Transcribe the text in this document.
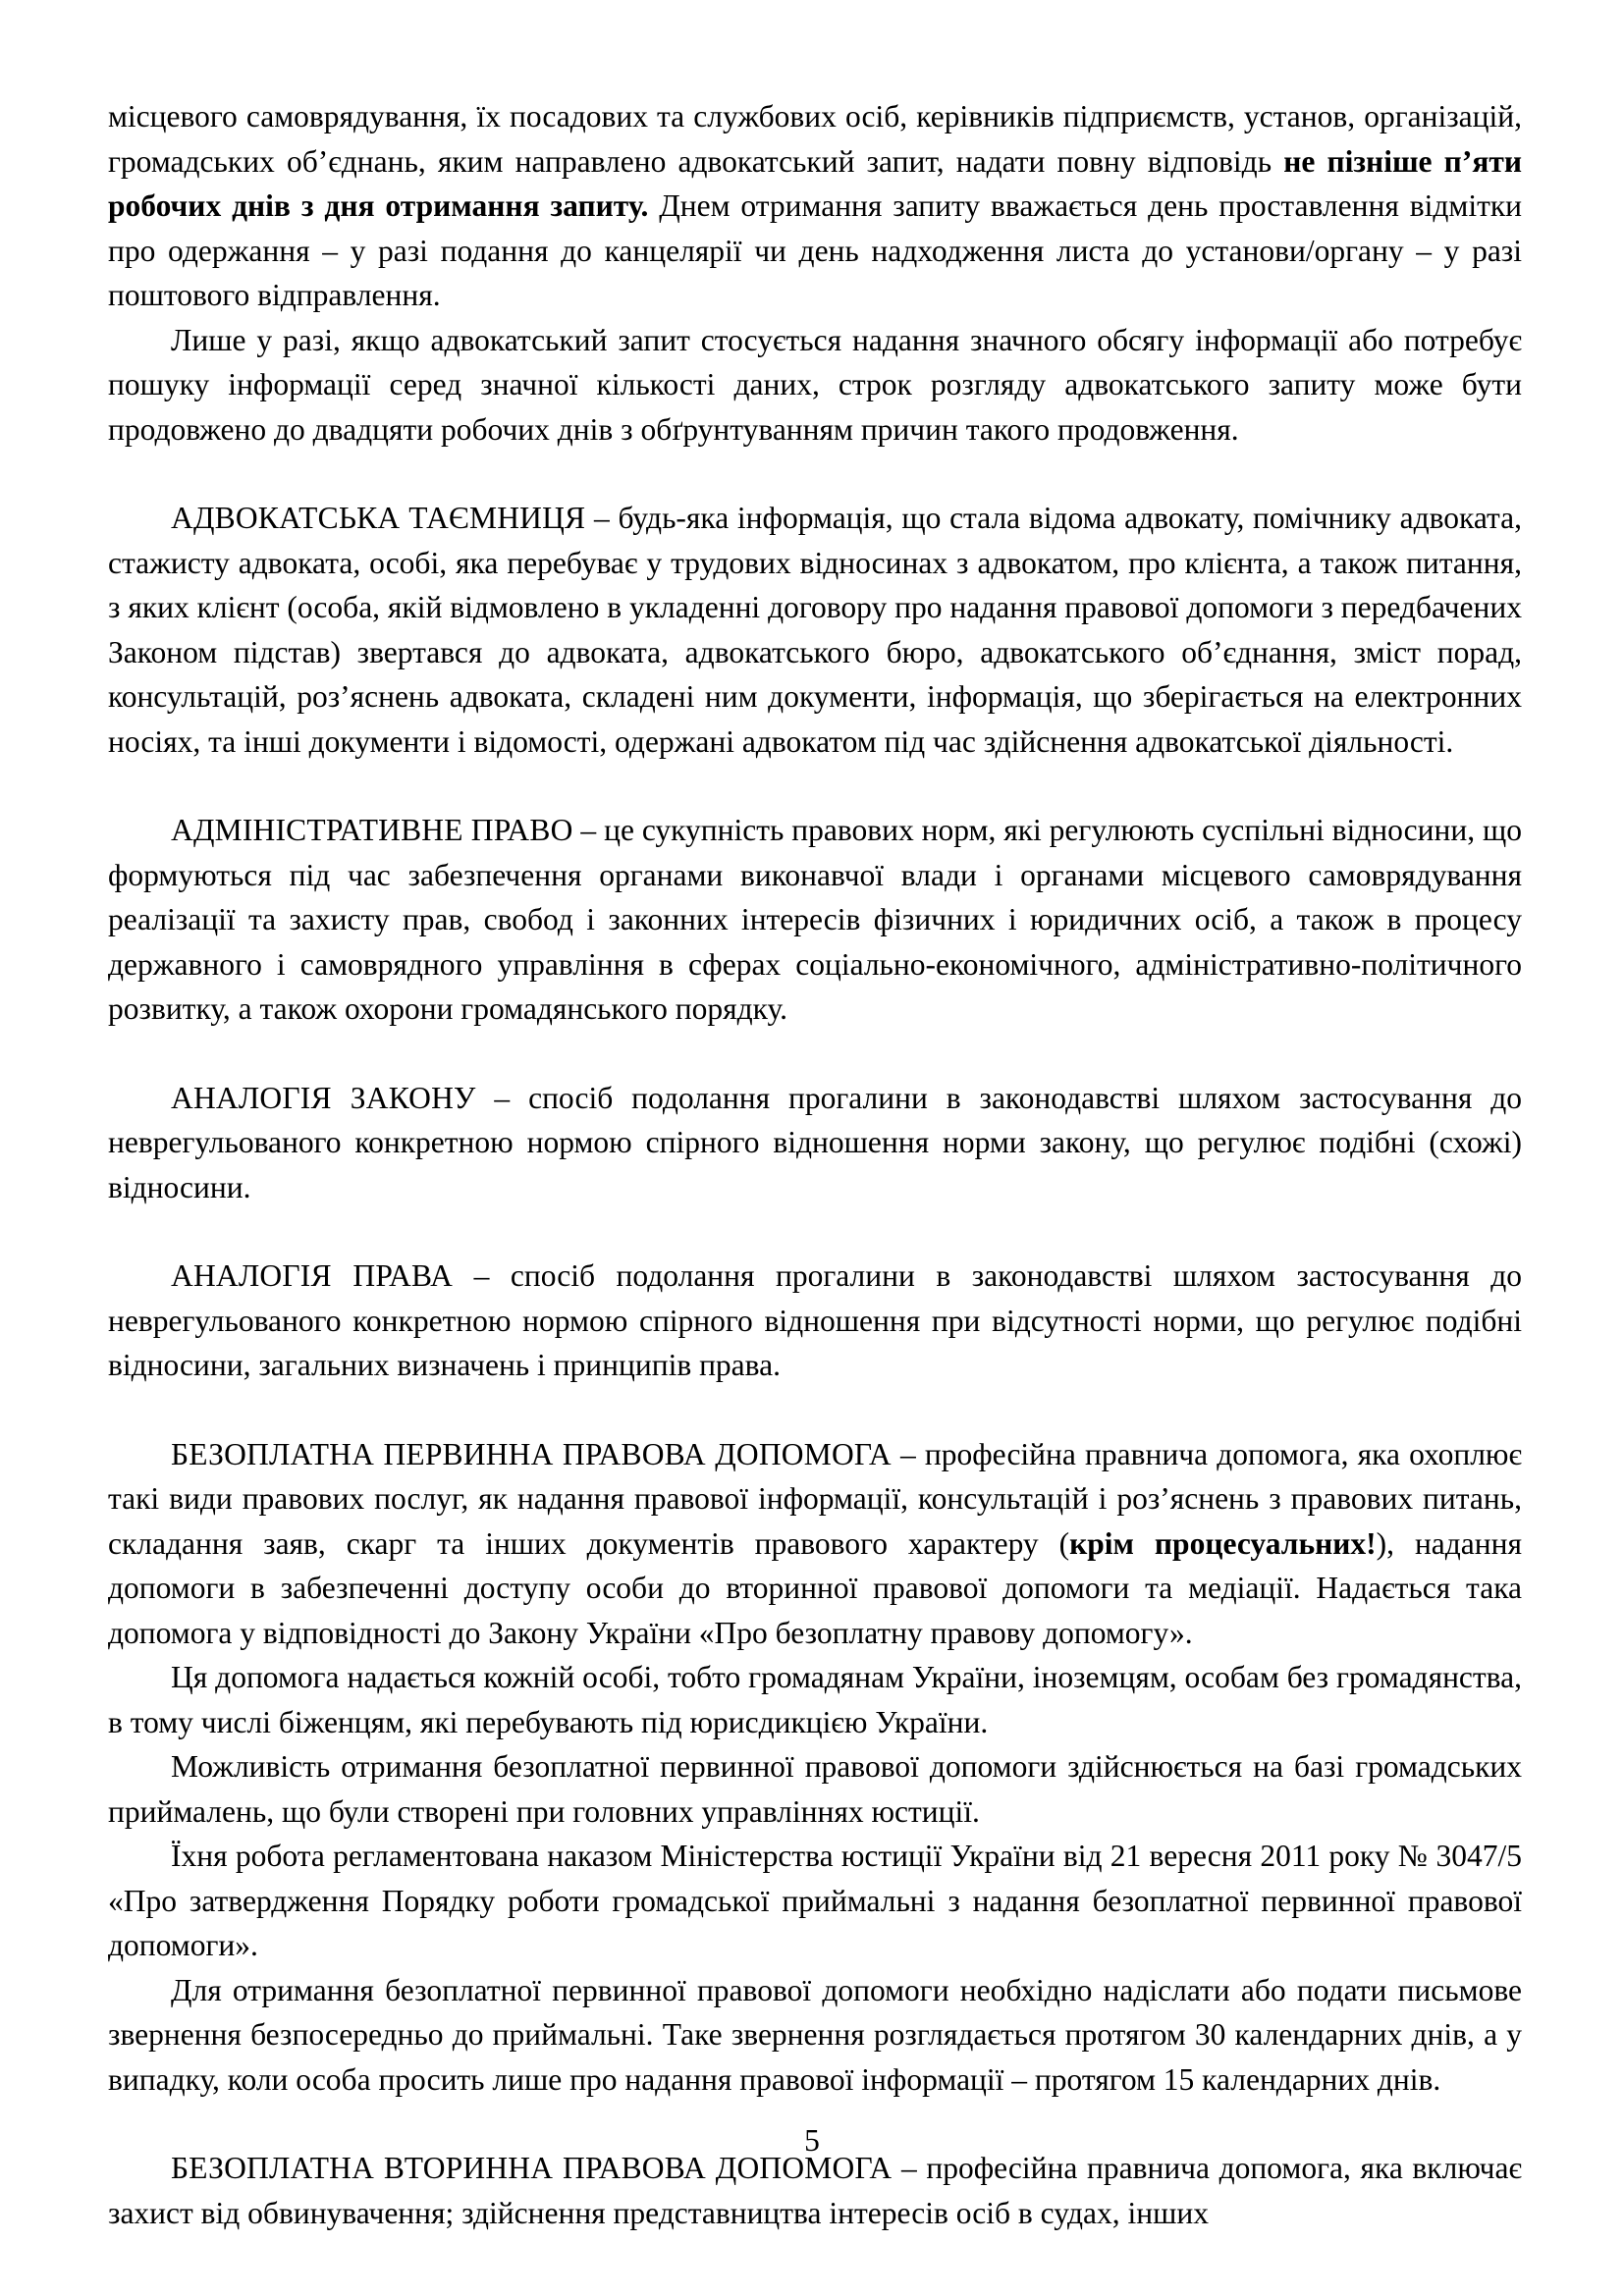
місцевого самоврядування, їх посадових та службових осіб, керівників підприємств, установ, організацій, громадських об’єднань, яким направлено адвокатський запит, надати повну відповідь не пізніше п’яти робочих днів з дня отримання запиту. Днем отримання запиту вважається день проставлення відмітки про одержання – у разі подання до канцелярії чи день надходження листа до установи/органу – у разі поштового відправлення.

Лише у разі, якщо адвокатський запит стосується надання значного обсягу інформації або потребує пошуку інформації серед значної кількості даних, строк розгляду адвокатського запиту може бути продовжено до двадцяти робочих днів з обґрунтуванням причин такого продовження.

АДВОКАТСЬКА ТАЄМНИЦЯ – будь-яка інформація, що стала відома адвокату, помічнику адвоката, стажисту адвоката, особі, яка перебуває у трудових відносинах з адвокатом, про клієнта, а також питання, з яких клієнт (особа, якій відмовлено в укладенні договору про надання правової допомоги з передбачених Законом підстав) звертався до адвоката, адвокатського бюро, адвокатського об’єднання, зміст порад, консультацій, роз’яснень адвоката, складені ним документи, інформація, що зберігається на електронних носіях, та інші документи і відомості, одержані адвокатом під час здійснення адвокатської діяльності.

АДМІНІСТРАТИВНЕ ПРАВО – це сукупність правових норм, які регулюють суспільні відносини, що формуються під час забезпечення органами виконавчої влади і органами місцевого самоврядування реалізації та захисту прав, свобод і законних інтересів фізичних і юридичних осіб, а також в процесу державного і самоврядного управління в сферах соціально-економічного, адміністративно-політичного розвитку, а також охорони громадянського порядку.

АНАЛОГІЯ ЗАКОНУ – спосіб подолання прогалини в законодавстві шляхом застосування до неврегульованого конкретною нормою спірного відношення норми закону, що регулює подібні (схожі) відносини.

АНАЛОГІЯ ПРАВА – спосіб подолання прогалини в законодавстві шляхом застосування до неврегульованого конкретною нормою спірного відношення при відсутності норми, що регулює подібні відносини, загальних визначень і принципів права.

БЕЗОПЛАТНА ПЕРВИННА ПРАВОВА ДОПОМОГА – професійна правнича допомога, яка охоплює такі види правових послуг, як надання правової інформації, консультацій і роз’яснень з правових питань, складання заяв, скарг та інших документів правового характеру (крім процесуальних!), надання допомоги в забезпеченні доступу особи до вторинної правової допомоги та медіації. Надається така допомога у відповідності до Закону України «Про безоплатну правову допомогу».

Ця допомога надається кожній особі, тобто громадянам України, іноземцям, особам без громадянства, в тому числі біженцям, які перебувають під юрисдикцією України.

Можливість отримання безоплатної первинної правової допомоги здійснюється на базі громадських приймалень, що були створені при головних управліннях юстиції.

Їхня робота регламентована наказом Міністерства юстиції України від 21 вересня 2011 року № 3047/5 «Про затвердження Порядку роботи громадської приймальні з надання безоплатної первинної правової допомоги».

Для отримання безоплатної первинної правової допомоги необхідно надіслати або подати письмове звернення безпосередньо до приймальні. Таке звернення розглядається протягом 30 календарних днів, а у випадку, коли особа просить лише про надання правової інформації – протягом 15 календарних днів.

БЕЗОПЛАТНА ВТОРИННА ПРАВОВА ДОПОМОГА – професійна правнича допомога, яка включає захист від обвинувачення; здійснення представництва інтересів осіб в судах, інших

5
